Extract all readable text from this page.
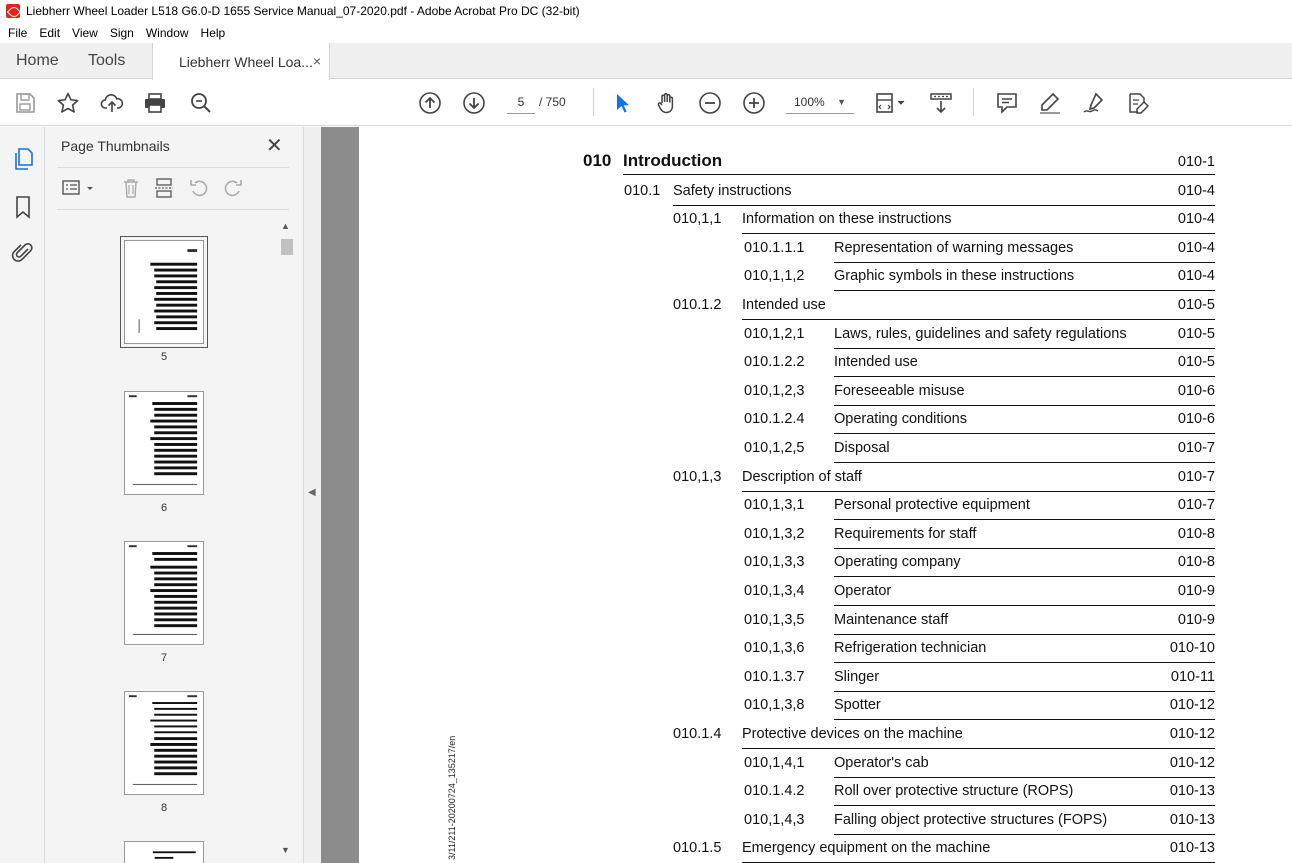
Liebherr Wheel Loader L518 G6.0-D 1655 Service Manual_07-2020.pdf - Adobe Acrobat Pro DC (32-bit)
File	Edit	View	Sign	Window	Help
Home Tools	Liebherr Wheel Loa... ×
5	/ 750	100% ▼
Page Thumbnails	✕
5
6
7
8
▲
▼
◀
3/11/211-20200724_135217/en
010 Introduction	010-1
010.1 Safety instructions	010-4
010,1,1 Information on these instructions	010-4
010.1.1.1 Representation of warning messages	010-4
010,1,1,2 Graphic symbols in these instructions	010-4
010.1.2 Intended use	010-5
010,1,2,1 Laws, rules, guidelines and safety regulations	010-5
010.1.2.2 Intended use	010-5
010,1,2,3 Foreseeable misuse	010-6
010.1.2.4 Operating conditions	010-6
010,1,2,5 Disposal	010-7
010,1,3 Description of staff	010-7
010,1,3,1 Personal protective equipment	010-7
010,1,3,2 Requirements for staff	010-8
010,1,3,3 Operating company	010-8
010,1,3,4 Operator	010-9
010,1,3,5 Maintenance staff	010-9
010,1,3,6 Refrigeration technician	010-10
010.1.3.7 Slinger	010-11
010,1,3,8 Spotter	010-12
010.1.4 Protective devices on the machine	010-12
010,1,4,1 Operator's cab	010-12
010.1.4.2 Roll over protective structure (ROPS)	010-13
010,1,4,3 Falling object protective structures (FOPS)	010-13
010.1.5 Emergency equipment on the machine	010-13
